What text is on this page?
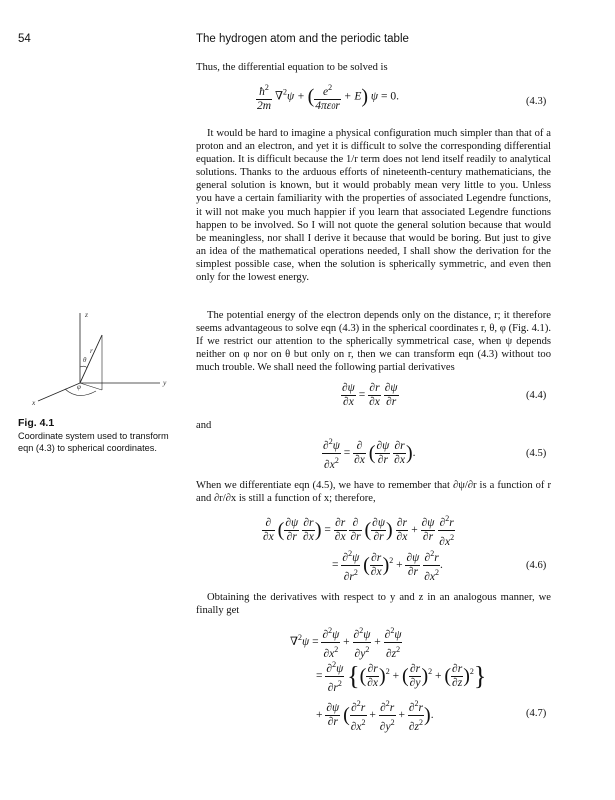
54	The hydrogen atom and the periodic table
Thus, the differential equation to be solved is
$\frac{ħ^2}{2m} \nabla^2\psi$ + ( $\frac{e^2}{4\pi\varepsilon 0r} + E$) ψ = 0.	(4.3)
It would be hard to imagine a physical configuration much simpler than that of a proton and an electron, and yet it is difficult to solve the corresponding differential equation. It is difficult because the 1/r term does not lend itself readily to analytical solutions. Thanks to the arduous efforts of nineteenth-century mathematicians, the general solution is known, but it would probably mean very little to you. Unless you have a certain familiarity with the properties of associated Legendre functions, it will not make you much happier if you learn that associated Legendre functions happen to be involved. So I will not quote the general solution because that would be meaningless, nor shall I derive it because that would be boring. But just to give an idea of the mathematical operations needed, I shall show the derivation for the simplest possible case, when the solution is spherically symmetric, and even then only for the lowest energy.
The potential energy of the electron depends only on the distance, r; it therefore seems advantageous to solve eqn (4.3) in the spherical coordinates r, θ, φ (Fig. 4.1). If we restrict our attention to the spherically symmetrical case, when ψ depends neither on φ nor on θ but only on r, then we can transform eqn (4.3) without too much trouble. We shall need the following partial derivatives
$\frac{\partial\psi}{\partial x} = \frac{\partial r}{\partial x}$
$\frac{\partial\psi}{\partial r}$	(4.4)
and
$\frac{\partial^2\psi}{\partial x^2} = \frac{\partial}{\partial x}$ ( $\frac{\partial\psi}{\partial r}$
$\frac{\partial r}{\partial x}$ ).	(4.5)
When we differentiate eqn (4.5), we have to remember that ∂ψ/∂r is a function of r and ∂r/∂x is still a function of x; therefore,
$\frac{\partial}{\partial x}$ ( $\frac{\partial\psi}{\partial r}$
$\frac{\partial r}{\partial x}$ ) = $\frac{\partial r}{\partial x}$
$\frac{\partial}{\partial r}$ ( $\frac{\partial\psi}{\partial r}$ ) $\frac{\partial r}{\partial x} + \frac{\partial\psi}{\partial r}$
$\frac{\partial^2r}{\partial x^2}$
= $\frac{\partial^2\psi}{\partial r^2}$ ( $\frac{\partial r}{\partial x} )^2 + \frac{\partial\psi}{\partial r}$
$\frac{\partial^2r}{\partial x^2}$ .	(4.6)
Obtaining the derivatives with respect to y and z in an analogous manner, we finally get
$\nabla^2\psi = \frac{\partial^2\psi}{\partial x^2} + \frac{\partial^2\psi}{\partial y^2} + \frac{\partial^2\psi}{\partial z^2}$
= $\frac{\partial^2\psi}{\partial r^2}$ {( $\frac{\partial r}{\partial x} )^2$ + ( $\frac{\partial r}{\partial y} )^2$ + ( $\frac{\partial r}{\partial z} )^2$}
+ $\frac{\partial\psi}{\partial r}$ ( $\frac{\partial^2r}{\partial x^2} + \frac{\partial^2r}{\partial y^2} + \frac{\partial^2r}{\partial z^2}$ ).	(4.7)
z
y
x
r
θ
φ
Fig. 4.1
Coordinate system used to transform eqn (4.3) to spherical coordinates.
